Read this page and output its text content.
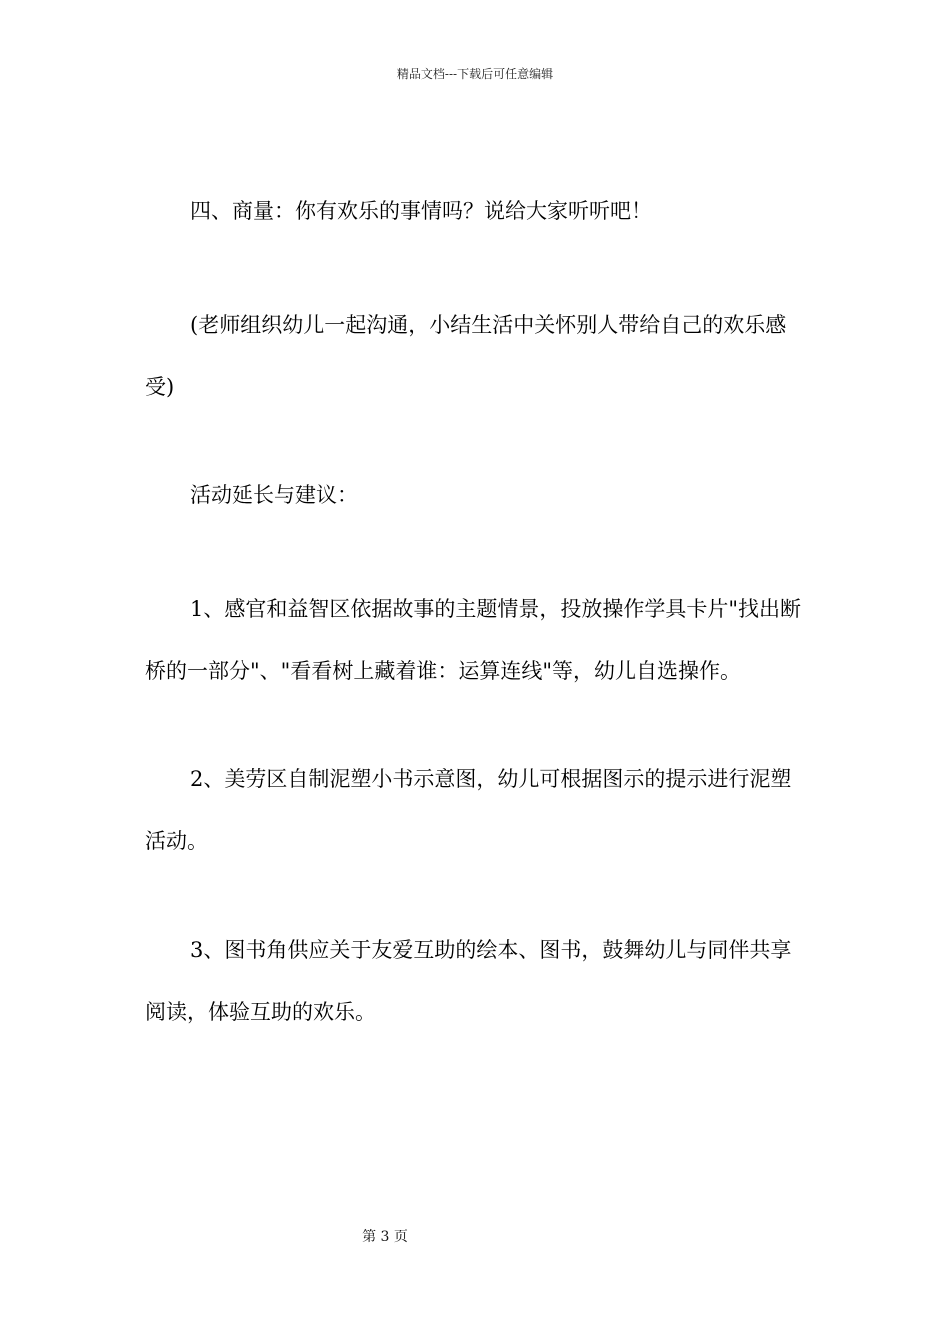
精品文档---下载后可任意编辑

四、商量：你有欢乐的事情吗？说给大家听听吧！

(老师组织幼儿一起沟通，小结生活中关怀别人带给自己的欢乐感受)

活动延长与建议：

1、感官和益智区依据故事的主题情景，投放操作学具卡片"找出断桥的一部分"、"看看树上藏着谁：运算连线"等，幼儿自选操作。

2、美劳区自制泥塑小书示意图，幼儿可根据图示的提示进行泥塑活动。

3、图书角供应关于友爱互助的绘本、图书，鼓舞幼儿与同伴共享阅读，体验互助的欢乐。

第 3 页
